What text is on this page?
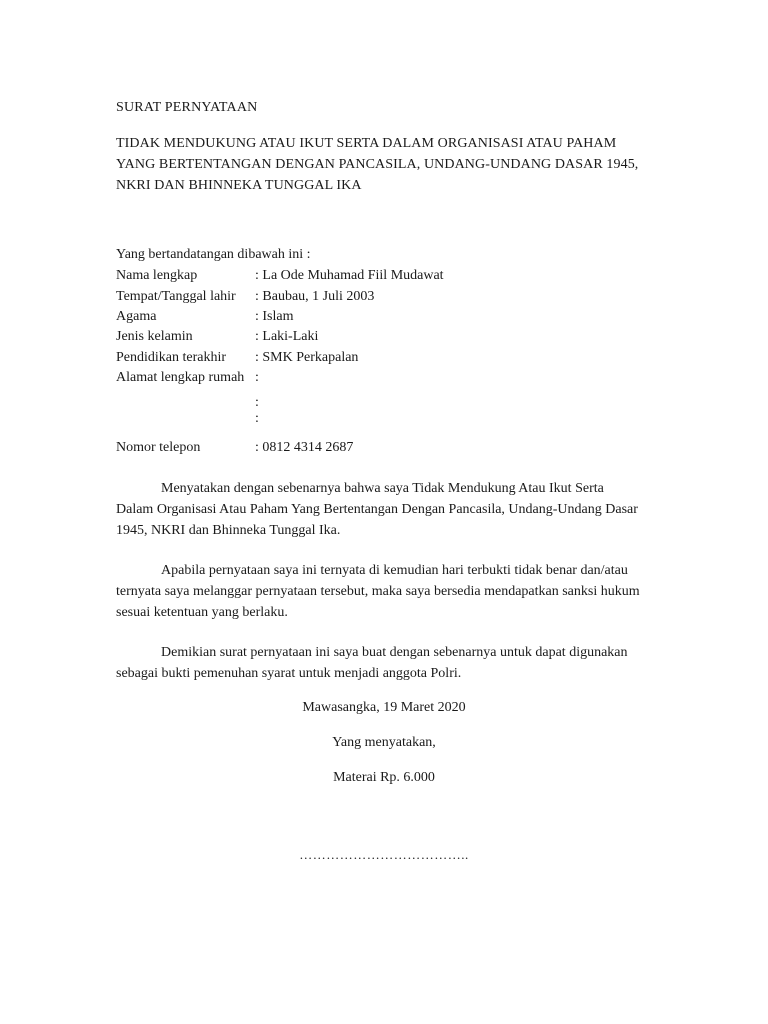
SURAT PERNYATAAN
TIDAK MENDUKUNG ATAU IKUT SERTA DALAM ORGANISASI ATAU PAHAM
YANG BERTENTANGAN DENGAN PANCASILA, UNDANG-UNDANG DASAR 1945,
NKRI DAN BHINNEKA TUNGGAL IKA
Yang bertandatangan dibawah ini :
Nama lengkap	: La Ode Muhamad Fiil Mudawat
Tempat/Tanggal lahir : Baubau, 1 Juli 2003
Agama	: Islam
Jenis kelamin	: Laki-Laki
Pendidikan terakhir : SMK Perkapalan
Alamat lengkap rumah :
:
:
Nomor telepon	: 0812 4314 2687
Menyatakan dengan sebenarnya bahwa saya Tidak Mendukung Atau Ikut Serta
Dalam Organisasi Atau Paham Yang Bertentangan Dengan Pancasila, Undang-Undang Dasar
1945, NKRI dan Bhinneka Tunggal Ika.
Apabila pernyataan saya ini ternyata di kemudian hari terbukti tidak benar dan/atau
ternyata saya melanggar pernyataan tersebut, maka saya bersedia mendapatkan sanksi hukum
sesuai ketentuan yang berlaku.
Demikian surat pernyataan ini saya buat dengan sebenarnya untuk dapat digunakan
sebagai bukti pemenuhan syarat untuk menjadi anggota Polri.
Mawasangka, 19 Maret 2020
Yang menyatakan,
Materai Rp. 6.000
………………………………..
